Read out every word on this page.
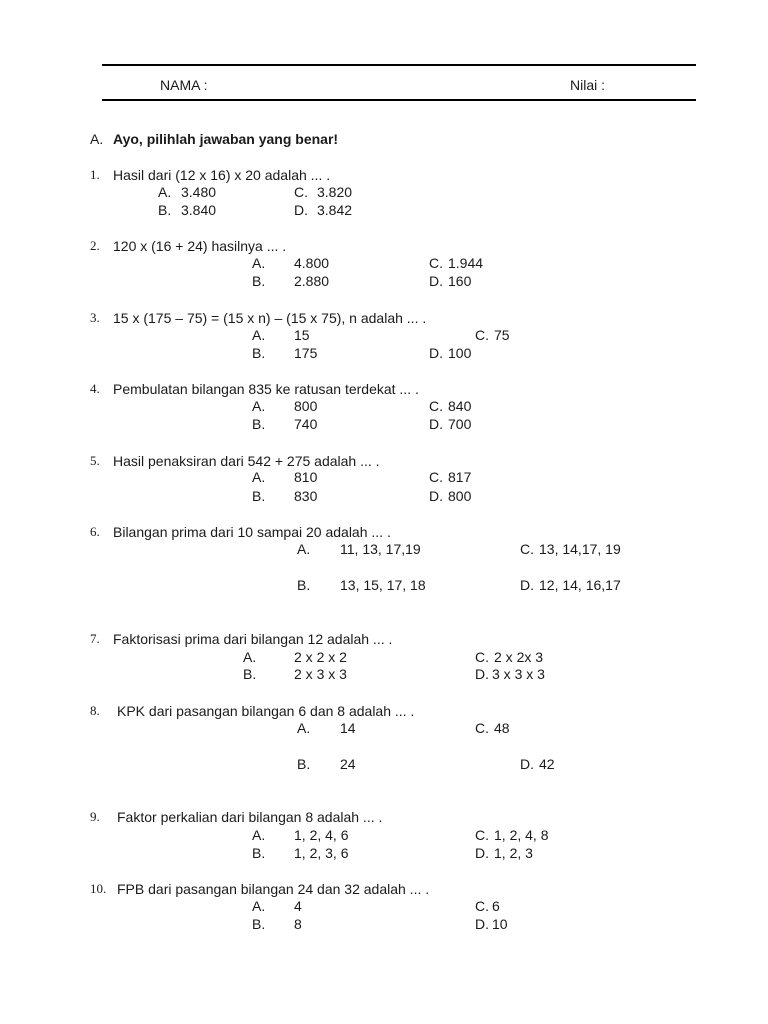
NAMA :	Nilai :
A. Ayo, pilihlah jawaban yang benar!
1. Hasil dari (12 x 16) x 20 adalah ... .
A. 3.480	C. 3.820
B. 3.840	D. 3.842
2. 120 x (16 + 24) hasilnya ... .
A. 4.800	C. 1.944
B. 2.880	D. 160
3. 15 x (175 – 75) = (15 x n) – (15 x 75), n adalah ... .
A. 15	C. 75
B. 175	D. 100
4. Pembulatan bilangan 835 ke ratusan terdekat ... .
A. 800	C. 840
B. 740	D. 700
5. Hasil penaksiran dari 542 + 275 adalah ... .
A. 810	C. 817
B. 830	D. 800
6. Bilangan prima dari 10 sampai 20 adalah ... .
A. 11, 13, 17,19	C. 13, 14,17, 19
B. 13, 15, 17, 18	D. 12, 14, 16,17
7. Faktorisasi prima dari bilangan 12 adalah ... .
A.	2 x 2 x 2	C. 2 x 2x 3
B.	2 x 3 x 3	D. 3 x 3 x 3
8. KPK dari pasangan bilangan 6 dan 8 adalah ... .
A. 14	C. 48
B. 24	D. 42
9. Faktor perkalian dari bilangan 8 adalah ... .
A. 1, 2, 4, 6	C. 1, 2, 4, 8
B. 1, 2, 3, 6	D. 1, 2, 3
10. FPB dari pasangan bilangan 24 dan 32 adalah ... .
A. 4	C. 6
B. 8	D. 10
